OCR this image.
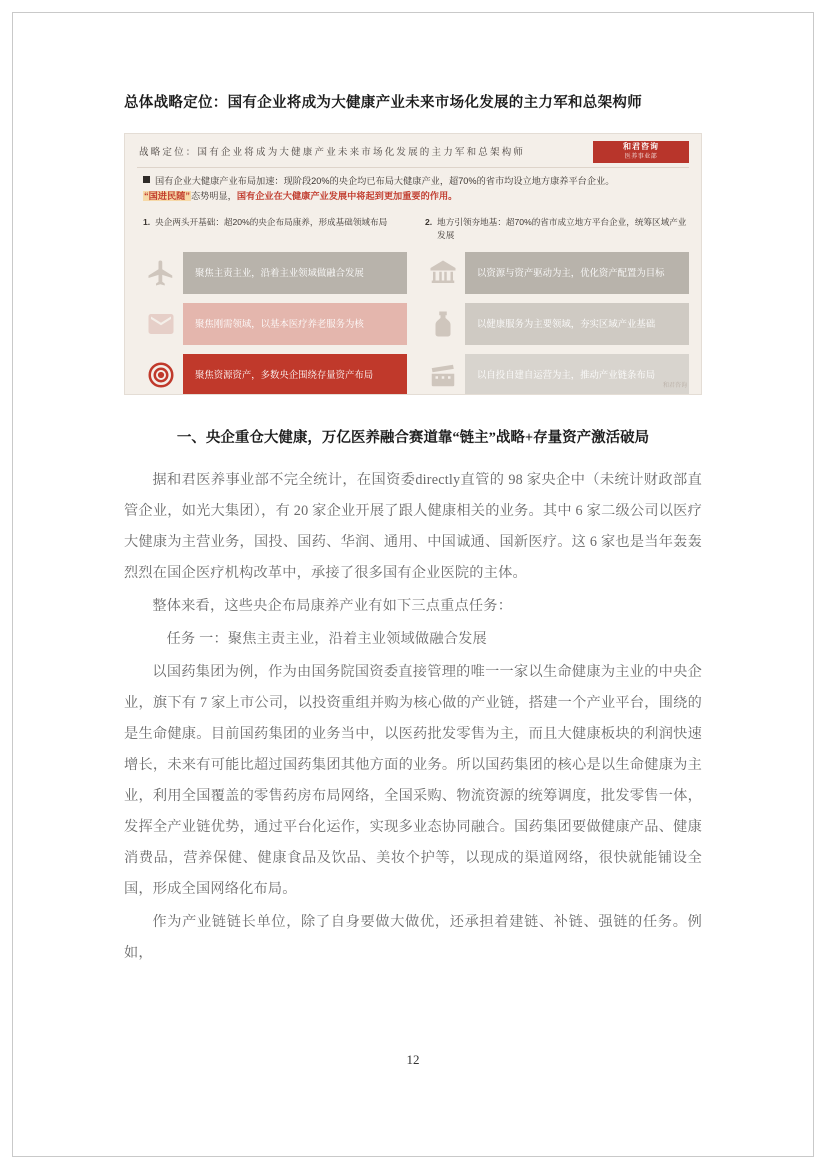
总体战略定位：国有企业将成为大健康产业未来市场化发展的主力军和总架构师
战略定位：国有企业将成为大健康产业未来市场化发展的主力军和总架构师
和君咨询
医养事业部
国有企业大健康产业布局加速：现阶段20%的央企均已布局大健康产业，超70%的省市均设立地方康养平台企业。
“国进民随”态势明显，国有企业在大健康产业发展中将起到更加重要的作用。
1. 央企两头开基础：超20%的央企布局康养，形成基础领域布局
聚焦主责主业，沿着主业领域做融合发展
聚焦刚需领域，以基本医疗养老服务为核
聚焦资源资产，多数央企围绕存量资产布局
2. 地方引领夯地基：超70%的省市成立地方平台企业，统筹区域产业发展
以资源与资产驱动为主，优化资产配置为目标
以健康服务为主要领域，夯实区域产业基础
以自投自建自运营为主，推动产业链条布局
和君咨询
一、央企重仓大健康，万亿医养融合赛道靠“链主”战略+存量资产激活破局

据和君医养事业部不完全统计，在国资委directly直管的 98 家央企中（未统计财政部直管企业，如光大集团），有 20 家企业开展了跟人健康相关的业务。其中 6 家二级公司以医疗大健康为主营业务，国投、国药、华润、通用、中国诚通、国新医疗。这 6 家也是当年轰轰烈烈在国企医疗机构改革中，承接了很多国有企业医院的主体。

整体来看，这些央企布局康养产业有如下三点重点任务：

任务 一：聚焦主责主业，沿着主业领域做融合发展

以国药集团为例，作为由国务院国资委直接管理的唯一一家以生命健康为主业的中央企业，旗下有 7 家上市公司，以投资重组并购为核心做的产业链，搭建一个产业平台，围绕的是生命健康。目前国药集团的业务当中，以医药批发零售为主，而且大健康板块的利润快速增长，未来有可能比超过国药集团其他方面的业务。所以国药集团的核心是以生命健康为主业，利用全国覆盖的零售药房布局网络，全国采购、物流资源的统筹调度，批发零售一体，发挥全产业链优势，通过平台化运作，实现多业态协同融合。国药集团要做健康产品、健康消费品，营养保健、健康食品及饮品、美妆个护等，以现成的渠道网络，很快就能铺设全国，形成全国网络化布局。

作为产业链链长单位，除了自身要做大做优，还承担着建链、补链、强链的任务。例如，

12
